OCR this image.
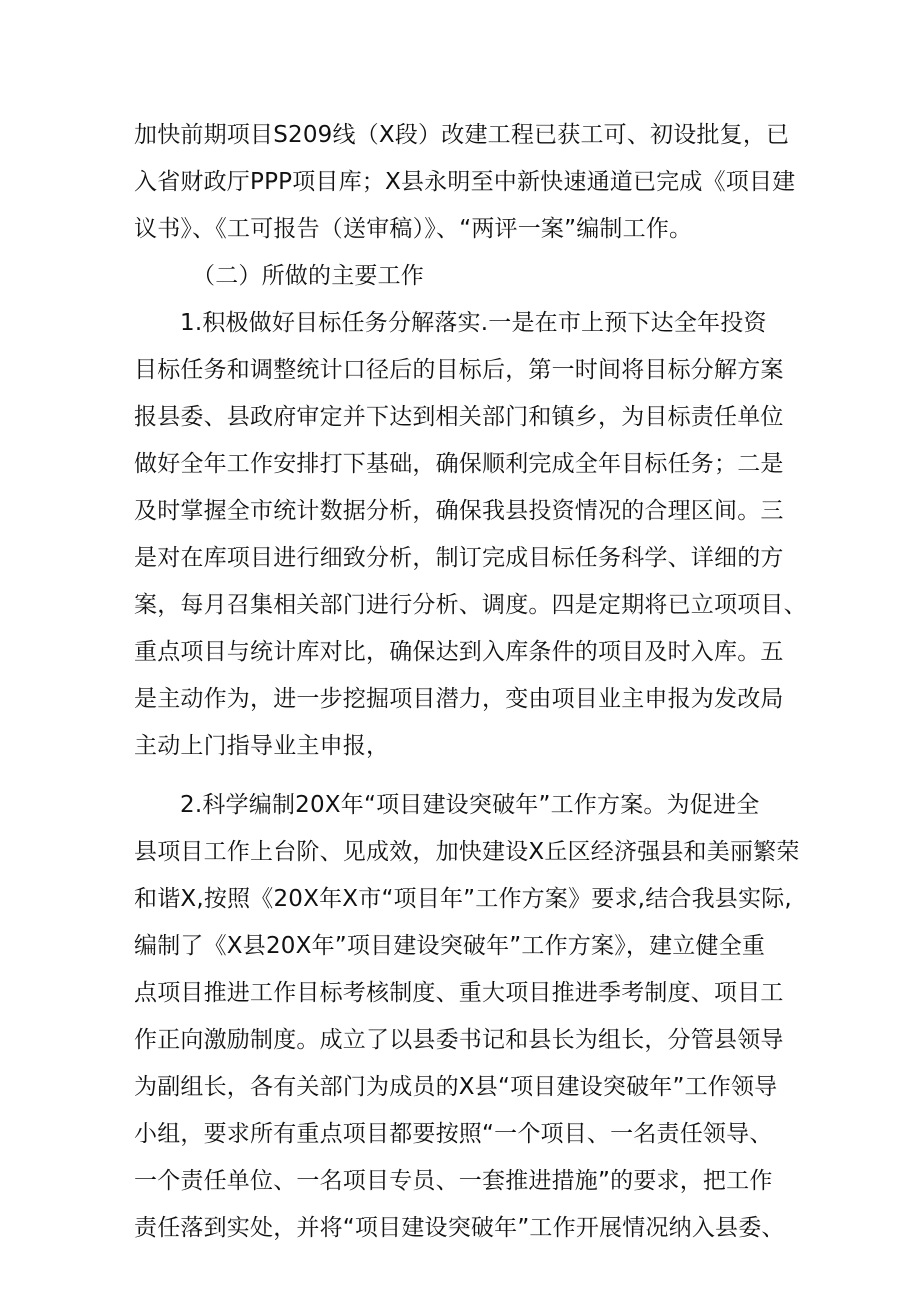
加快前期项目S209线（X段）改建工程已获工可、初设批复，已
入省财政厅PPP项目库；X县永明至中新快速通道已完成《项目建
议书》、《工可报告（送审稿）》、“两评一案”编制工作。
（二）所做的主要工作
1.积极做好目标任务分解落实.一是在市上预下达全年投资
目标任务和调整统计口径后的目标后，第一时间将目标分解方案
报县委、县政府审定并下达到相关部门和镇乡，为目标责任单位
做好全年工作安排打下基础，确保顺利完成全年目标任务；二是
及时掌握全市统计数据分析，确保我县投资情况的合理区间。三
是对在库项目进行细致分析，制订完成目标任务科学、详细的方
案，每月召集相关部门进行分析、调度。四是定期将已立项项目、
重点项目与统计库对比，确保达到入库条件的项目及时入库。五
是主动作为，进一步挖掘项目潜力，变由项目业主申报为发改局
主动上门指导业主申报，
2.科学编制20X年“项目建设突破年”工作方案。为促进全
县项目工作上台阶、见成效，加快建设X丘区经济强县和美丽繁荣
和谐X,按照《20X年X市“项目年”工作方案》要求,结合我县实际,
编制了《X县20X年”项目建设突破年”工作方案》，建立健全重
点项目推进工作目标考核制度、重大项目推进季考制度、项目工
作正向激励制度。成立了以县委书记和县长为组长，分管县领导
为副组长，各有关部门为成员的X县“项目建设突破年”工作领导
小组，要求所有重点项目都要按照“一个项目、一名责任领导、
一个责任单位、一名项目专员、一套推进措施”的要求，把工作
责任落到实处，并将“项目建设突破年”工作开展情况纳入县委、
